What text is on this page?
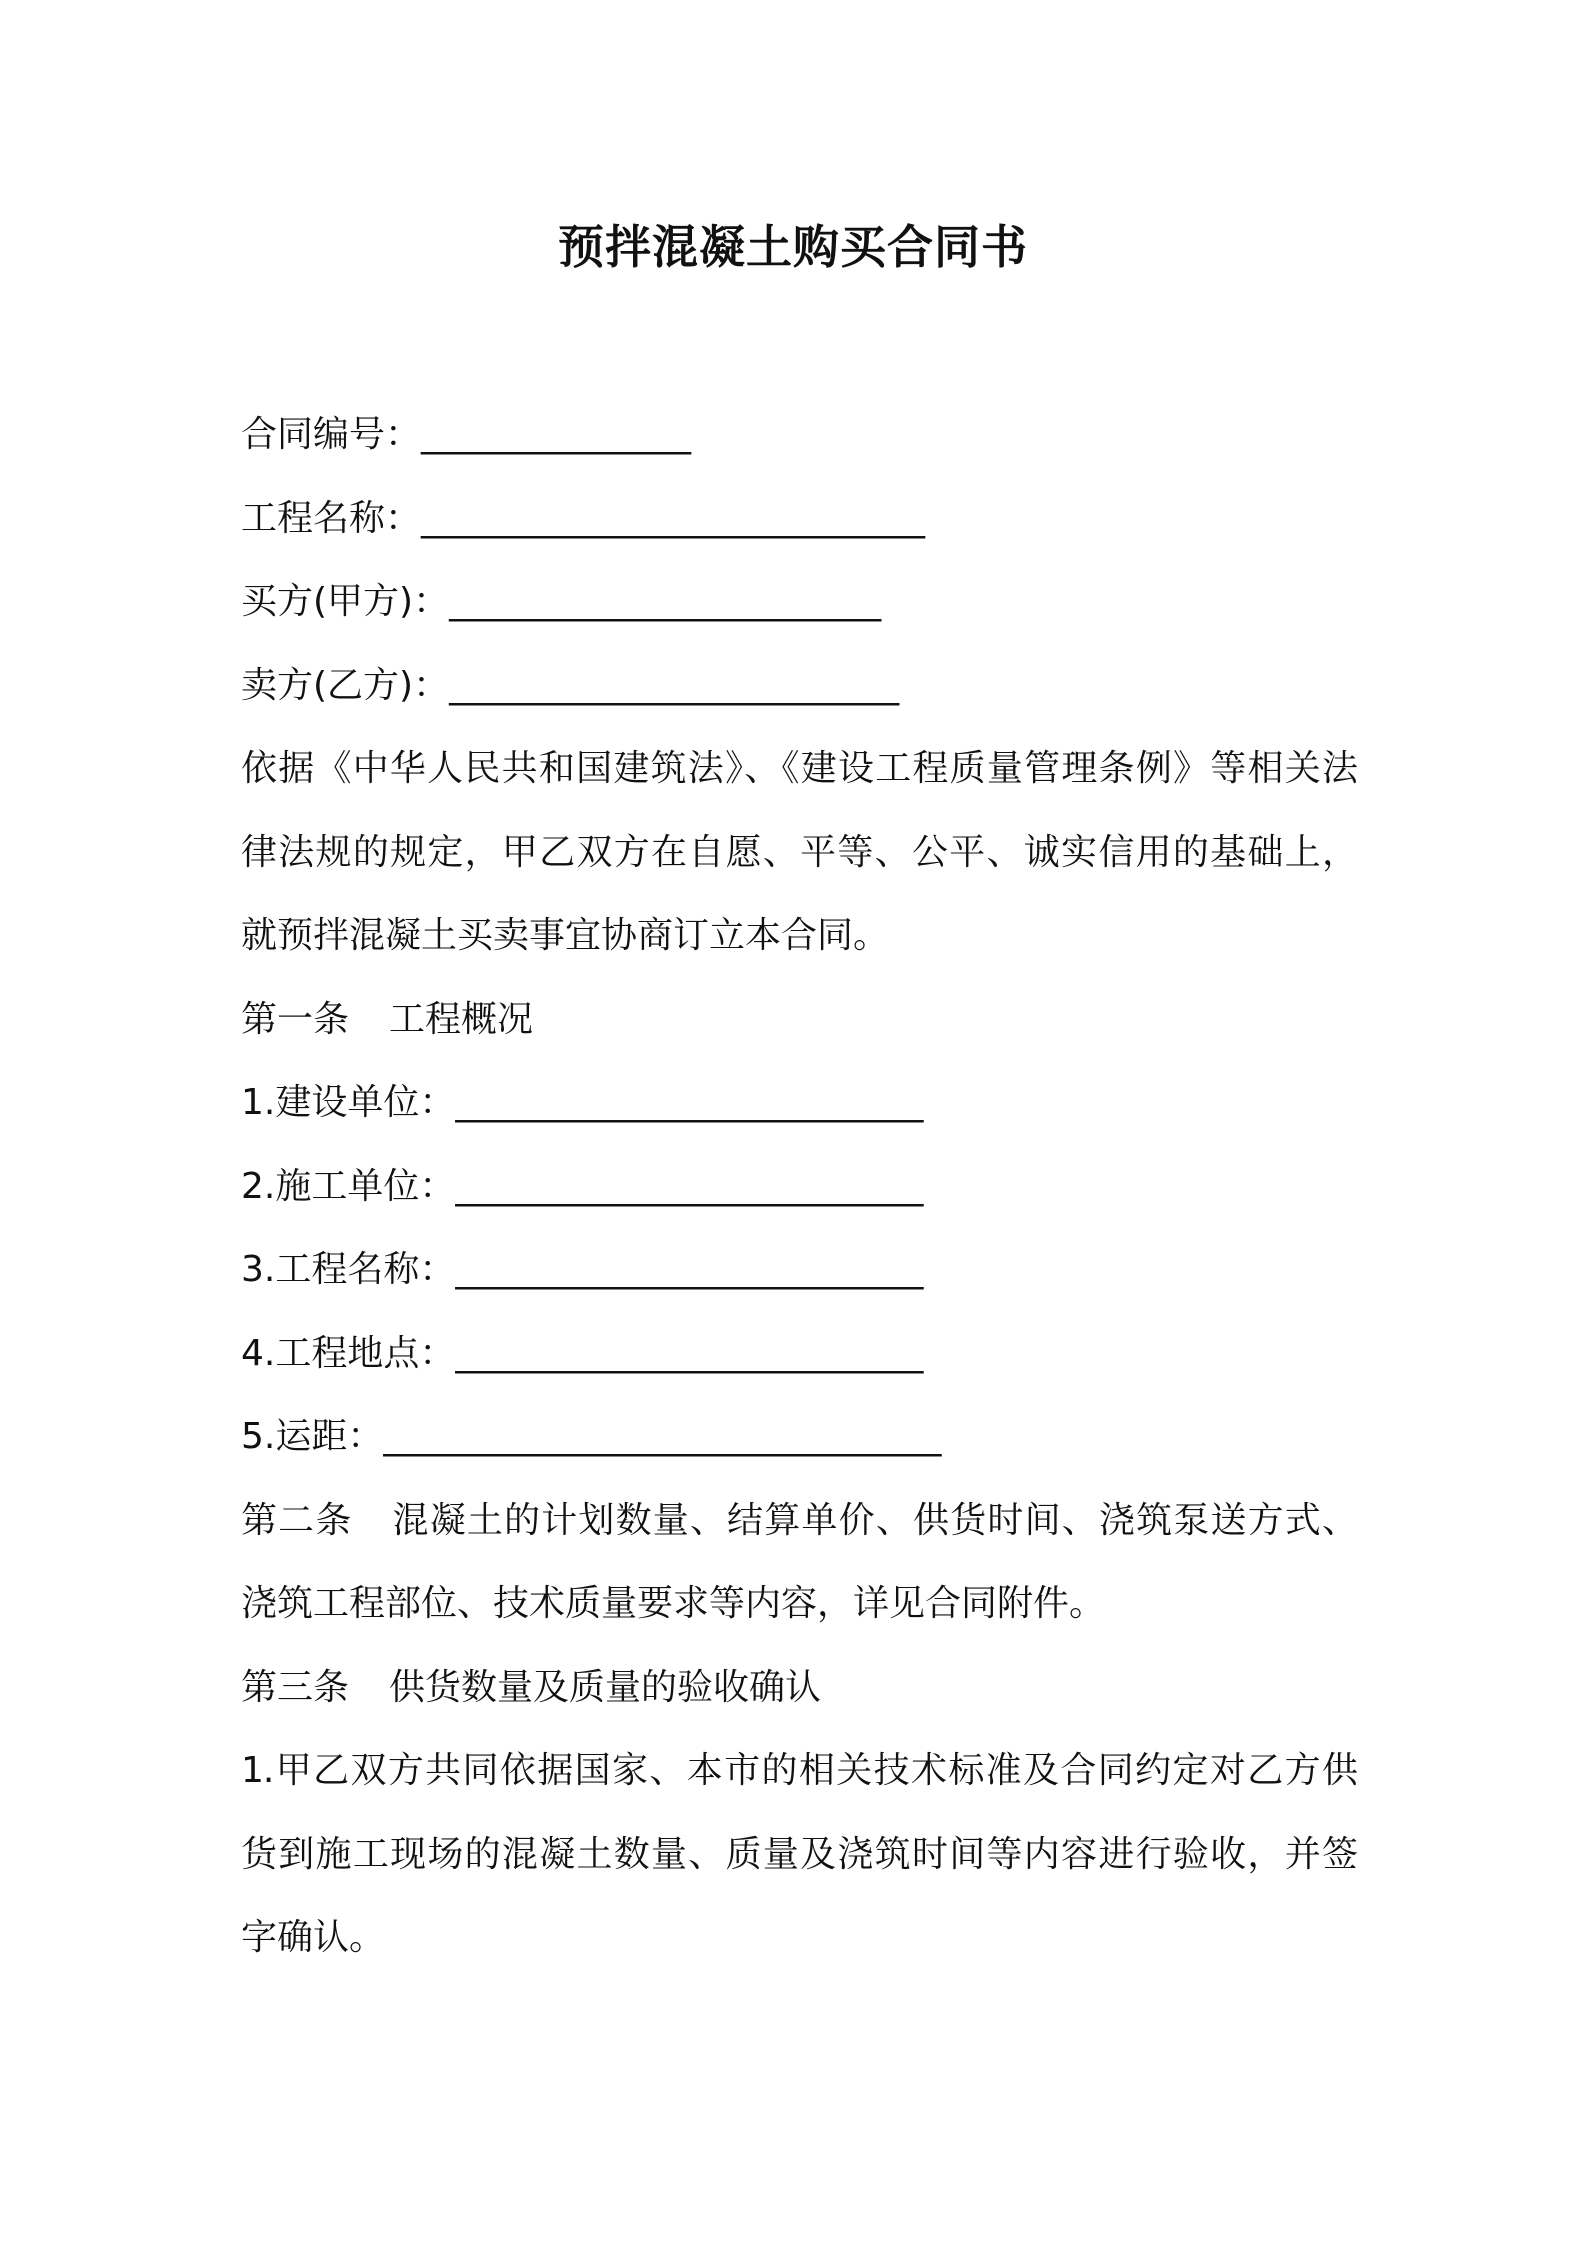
预拌混凝土购买合同书
合同编号：_______________
工程名称：____________________________
买方(甲方)：________________________
卖方(乙方)：_________________________
依据《中华人民共和国建筑法》、《建设工程质量管理条例》等相关法
律法规的规定，甲乙双方在自愿、平等、公平、诚实信用的基础上，
就预拌混凝土买卖事宜协商订立本合同。
第一条 工程概况
1.建设单位：__________________________
2.施工单位：__________________________
3.工程名称：__________________________
4.工程地点：__________________________
5.运距：_______________________________
第二条 混凝土的计划数量、结算单价、供货时间、浇筑泵送方式、
浇筑工程部位、技术质量要求等内容，详见合同附件。
第三条 供货数量及质量的验收确认
1.甲乙双方共同依据国家、本市的相关技术标准及合同约定对乙方供
货到施工现场的混凝土数量、质量及浇筑时间等内容进行验收，并签
字确认。
